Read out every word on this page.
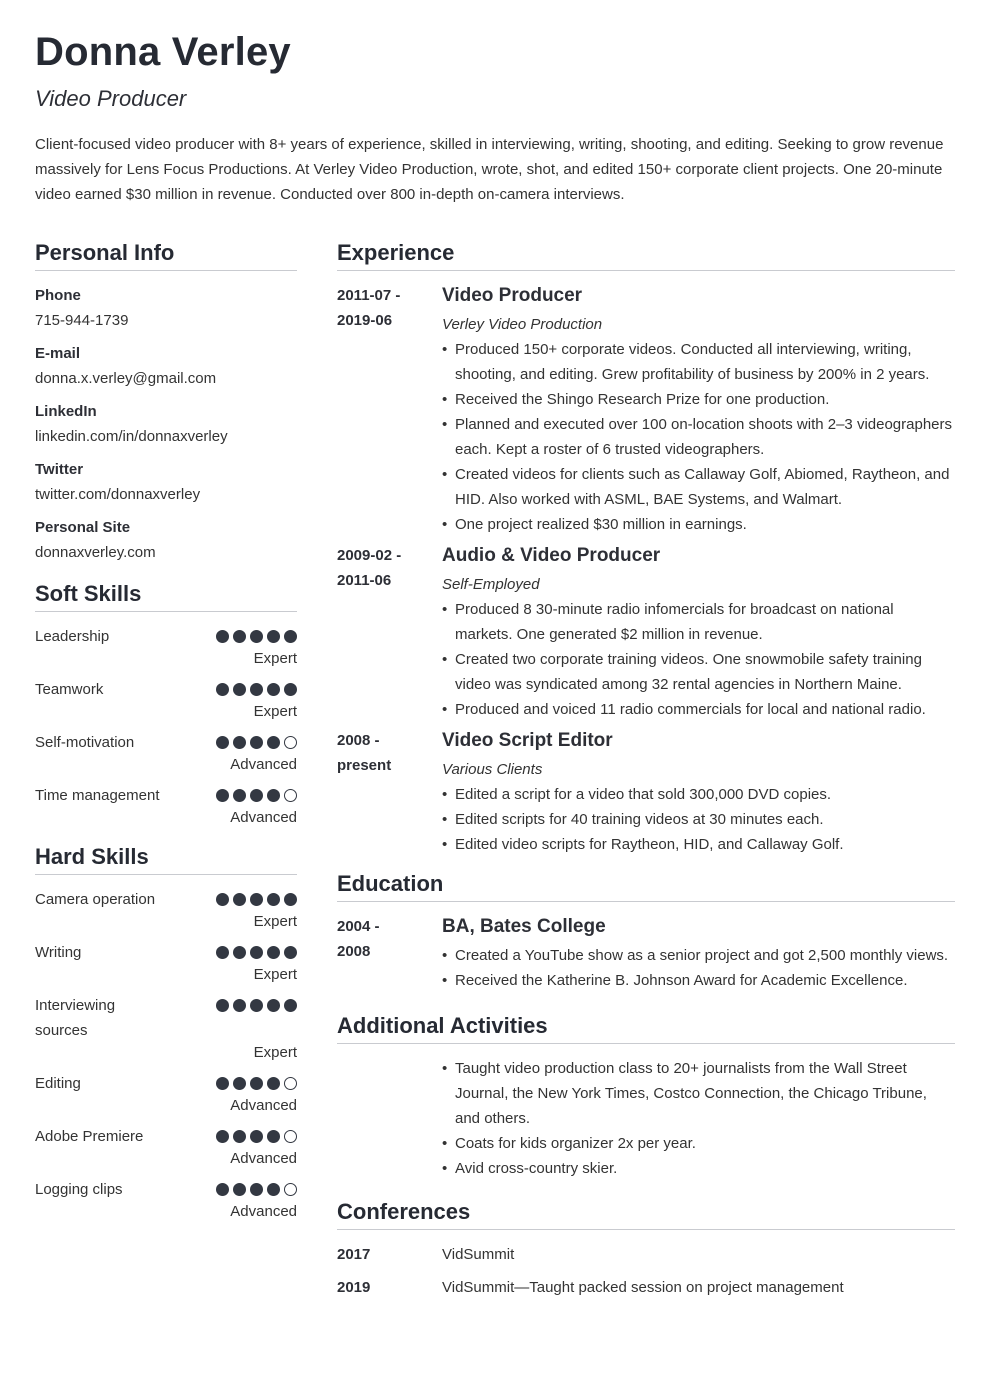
Donna Verley
Video Producer
Client-focused video producer with 8+ years of experience, skilled in interviewing, writing, shooting, and editing. Seeking to grow revenue massively for Lens Focus Productions. At Verley Video Production, wrote, shot, and edited 150+ corporate client projects. One 20-minute video earned $30 million in revenue. Conducted over 800 in-depth on-camera interviews.
Personal Info
Phone
715-944-1739
E-mail
donna.x.verley@gmail.com
LinkedIn
linkedin.com/in/donnaxverley
Twitter
twitter.com/donnaxverley
Personal Site
donnaxverley.com
Soft Skills
Leadership
Expert
Teamwork
Expert
Self-motivation
Advanced
Time management
Advanced
Hard Skills
Camera operation
Expert
Writing
Expert
Interviewing sources
Expert
Editing
Advanced
Adobe Premiere
Advanced
Logging clips
Advanced
Experience
2011-07 -
2019-06
Video Producer
Verley Video Production
• Produced 150+ corporate videos. Conducted all interviewing, writing, shooting, and editing. Grew profitability of business by 200% in 2 years.
• Received the Shingo Research Prize for one production.
• Planned and executed over 100 on-location shoots with 2–3 videographers each. Kept a roster of 6 trusted videographers.
• Created videos for clients such as Callaway Golf, Abiomed, Raytheon, and HID. Also worked with ASML, BAE Systems, and Walmart.
• One project realized $30 million in earnings.
2009-02 -
2011-06
Audio & Video Producer
Self-Employed
• Produced 8 30-minute radio infomercials for broadcast on national markets. One generated $2 million in revenue.
• Created two corporate training videos. One snowmobile safety training video was syndicated among 32 rental agencies in Northern Maine.
• Produced and voiced 11 radio commercials for local and national radio.
2008 -
present
Video Script Editor
Various Clients
• Edited a script for a video that sold 300,000 DVD copies.
• Edited scripts for 40 training videos at 30 minutes each.
• Edited video scripts for Raytheon, HID, and Callaway Golf.
Education
2004 -
2008
BA, Bates College
• Created a YouTube show as a senior project and got 2,500 monthly views.
• Received the Katherine B. Johnson Award for Academic Excellence.
Additional Activities
• Taught video production class to 20+ journalists from the Wall Street Journal, the New York Times, Costco Connection, the Chicago Tribune, and others.
• Coats for kids organizer 2x per year.
• Avid cross-country skier.
Conferences
2017	VidSummit
2019	VidSummit—Taught packed session on project management
